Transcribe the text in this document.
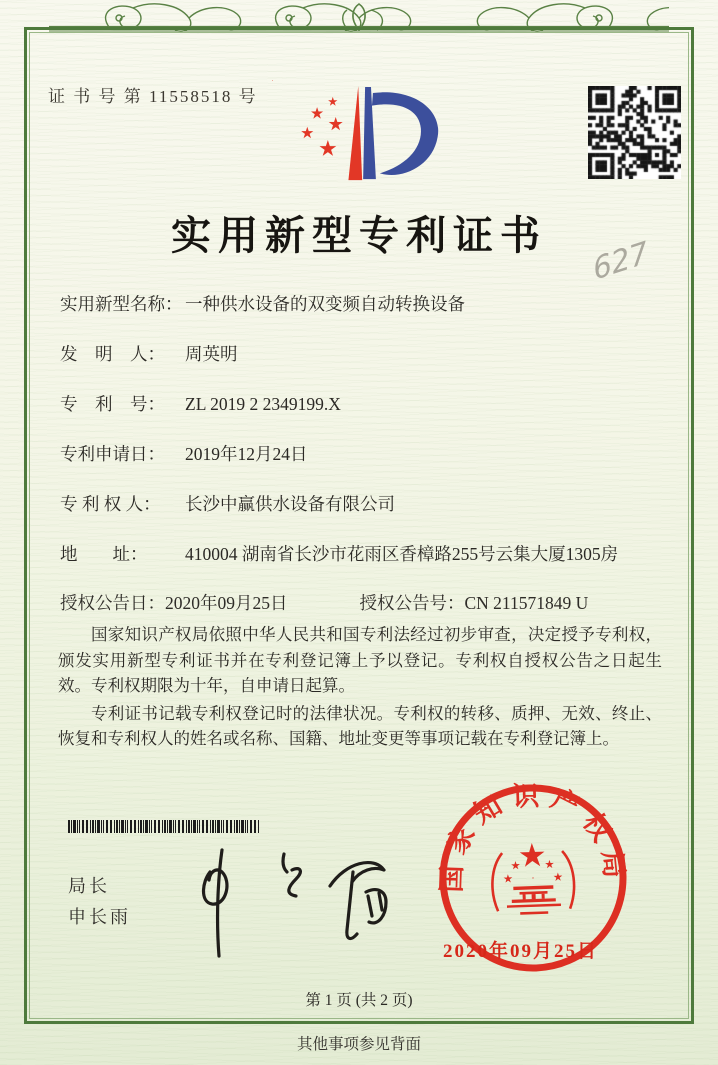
证 书 号 第 11558518 号
实用新型专利证书	627
实用新型名称： 一种供水设备的双变频自动转换设备
发　明　人： 周英明
专　利　号： ZL 2019 2 2349199.X
专利申请日： 2019年12月24日
专 利 权 人： 长沙中赢供水设备有限公司
地　　址： 410004 湖南省长沙市花雨区香樟路255号云集大厦1305房
授权公告日：2020年09月25日	授权公告号：CN 211571849 U

国家知识产权局依照中华人民共和国专利法经过初步审查，决定授予专利权，颁发实用新型专利证书并在专利登记簿上予以登记。专利权自授权公告之日起生效。专利权期限为十年，自申请日起算。

专利证书记载专利权登记时的法律状况。专利权的转移、质押、无效、终止、恢复和专利权人的姓名或名称、国籍、地址变更等事项记载在专利登记簿上。

局长
申长雨
国家知识产权局
2020年09月25日
第 1 页 (共 2 页)
其他事项参见背面
